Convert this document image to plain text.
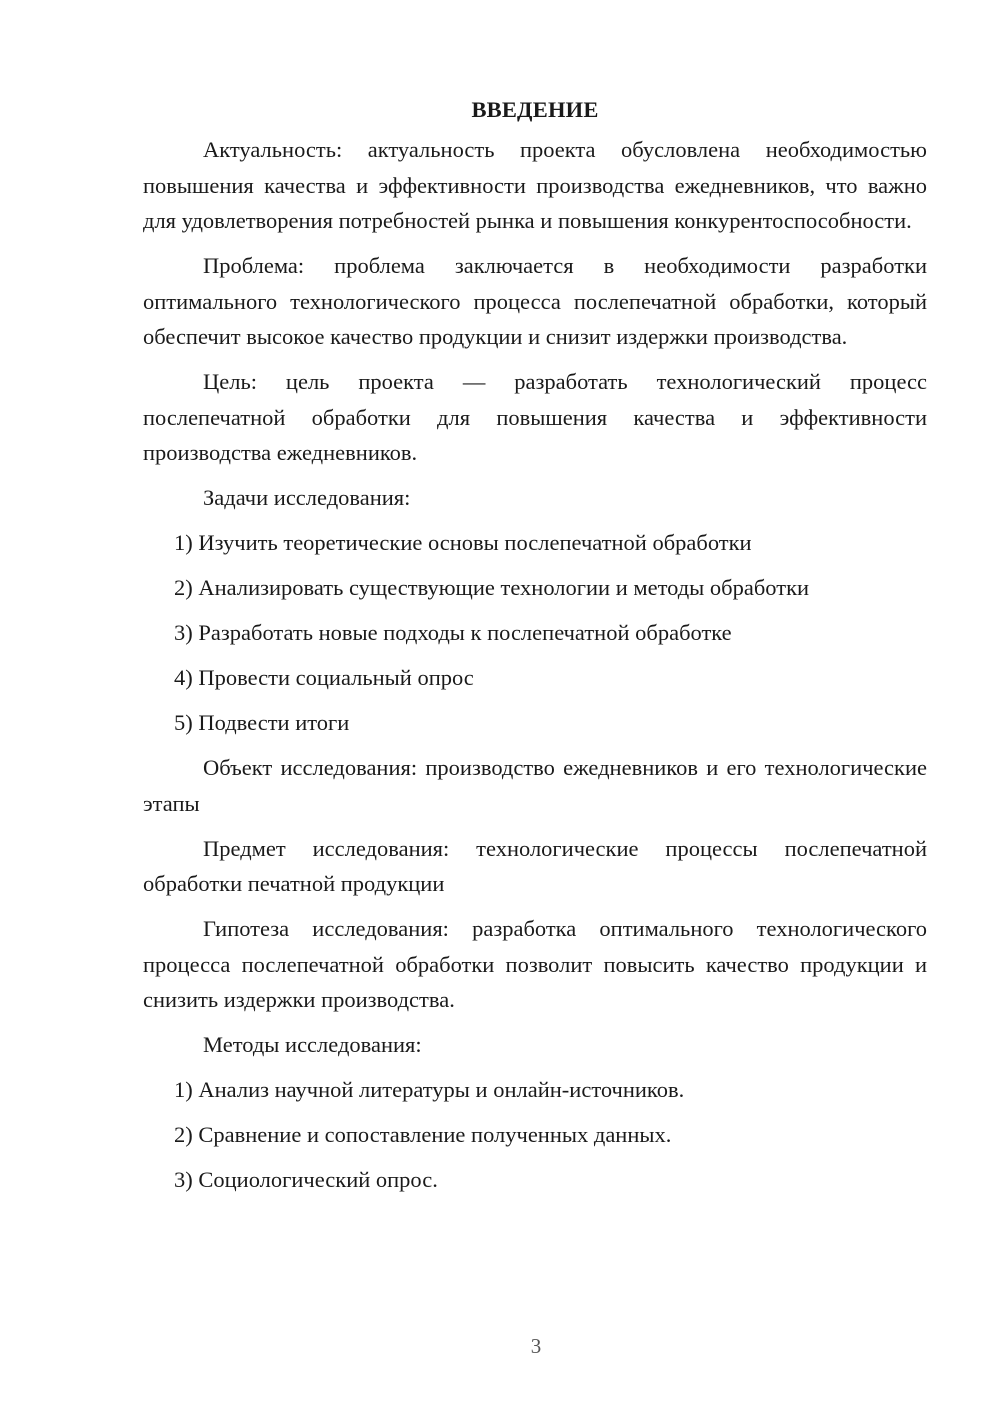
ВВЕДЕНИЕ

Актуальность: актуальность проекта обусловлена необходимостью повышения качества и эффективности производства ежедневников, что важно для удовлетворения потребностей рынка и повышения конкурентоспособности.

Проблема: проблема заключается в необходимости разработки оптимального технологического процесса послепечатной обработки, который обеспечит высокое качество продукции и снизит издержки производства.

Цель: цель проекта — разработать технологический процесс послепечатной обработки для повышения качества и эффективности производства ежедневников.

Задачи исследования:

1) Изучить теоретические основы послепечатной обработки
2) Анализировать существующие технологии и методы обработки
3) Разработать новые подходы к послепечатной обработке
4) Провести социальный опрос
5) Подвести итоги

Объект исследования: производство ежедневников и его технологические этапы

Предмет исследования: технологические процессы послепечатной обработки печатной продукции

Гипотеза исследования: разработка оптимального технологического процесса послепечатной обработки позволит повысить качество продукции и снизить издержки производства.

Методы исследования:

1) Анализ научной литературы и онлайн-источников.
2) Сравнение и сопоставление полученных данных.
3) Социологический опрос.
3
